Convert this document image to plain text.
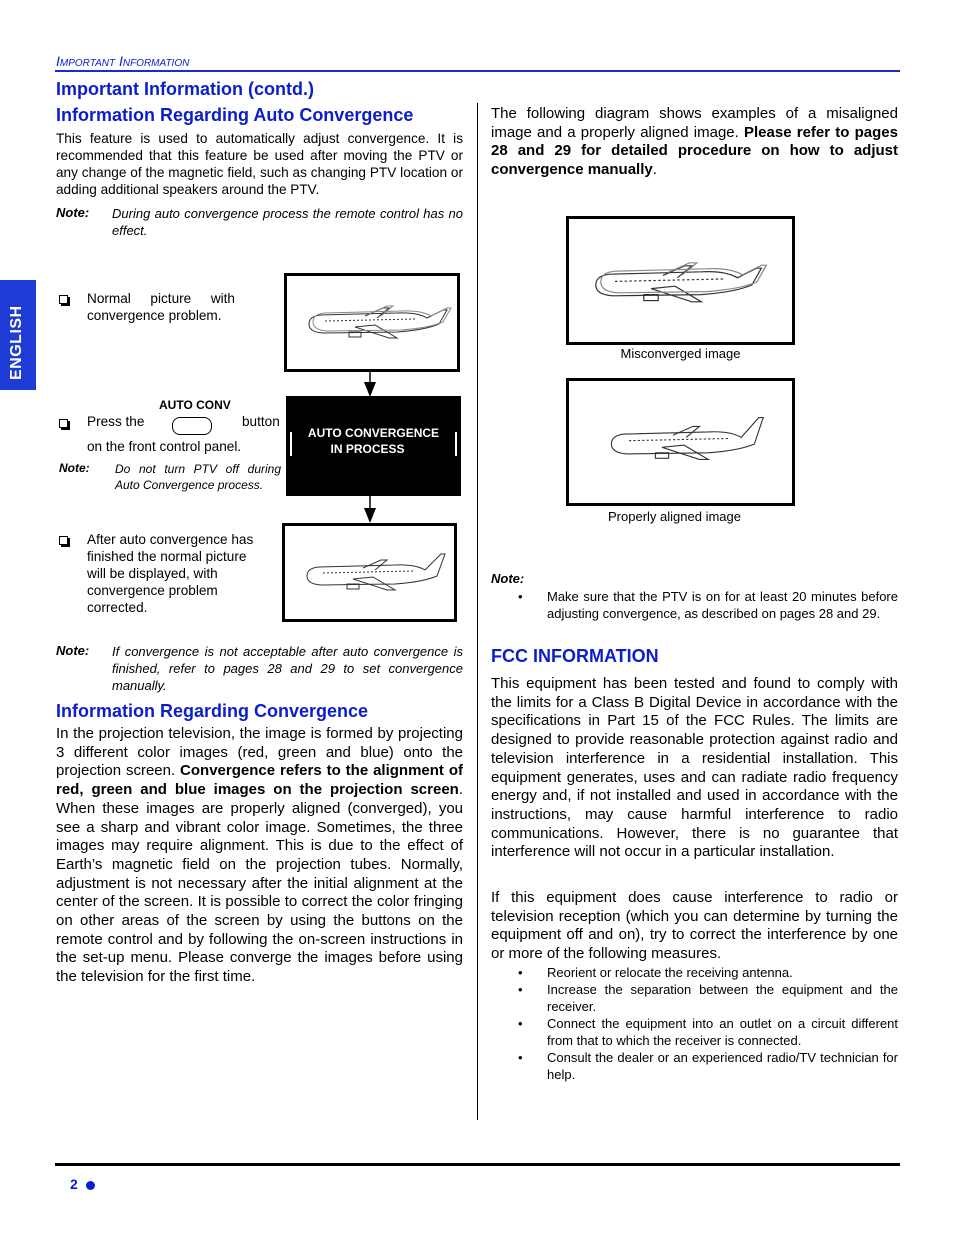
Important Information
ENGLISH
Important Information (contd.)
Information Regarding Auto Convergence

This feature is used to automatically adjust convergence. It is recommended that this feature be used after moving the PTV or any change of the magnetic field, such as changing PTV location or adding additional speakers around the PTV.

Note: During auto convergence process the remote control has no effect.

Normal picture with convergence problem.

AUTO CONV
Press the	button

on the front control panel.

Note: Do not turn PTV off during Auto Convergence process.

AUTO CONVERGENCE
IN PROCESS

After auto convergence has finished the normal picture will be displayed, with convergence problem corrected.

Note: If convergence is not acceptable after auto convergence is finished, refer to pages 28 and 29 to set convergence manually.

Information Regarding Convergence

In the projection television, the image is formed by projecting 3 different color images (red, green and blue) onto the projection screen. Convergence refers to the alignment of red, green and blue images on the projection screen. When these images are properly aligned (converged), you see a sharp and vibrant color image. Sometimes, the three images may require alignment. This is due to the effect of Earth’s magnetic field on the projection tubes. Normally, adjustment is not necessary after the initial alignment at the center of the screen. It is possible to correct the color fringing on other areas of the screen by using the buttons on the remote control and by following the on-screen instructions in the set-up menu. Please converge the images before using the television for the first time.

The following diagram shows examples of a misaligned image and a properly aligned image. Please refer to pages 28 and 29 for detailed procedure on how to adjust convergence manually.

Misconverged image
Properly aligned image
Note:
• Make sure that the PTV is on for at least 20 minutes before adjusting convergence, as described on pages 28 and 29.
FCC INFORMATION

This equipment has been tested and found to comply with the limits for a Class B Digital Device in accordance with the specifications in Part 15 of the FCC Rules. The limits are designed to provide reasonable protection against radio and television interference in a residential installation. This equipment generates, uses and can radiate radio frequency energy and, if not installed and used in accordance with the instructions, may cause harmful interference to radio communications. However, there is no guarantee that interference will not occur in a particular installation.

If this equipment does cause interference to radio or television reception (which you can determine by turning the equipment off and on), try to correct the interference by one or more of the following measures.

• Reorient or relocate the receiving antenna.
• Increase the separation between the equipment and the receiver.
• Connect the equipment into an outlet on a circuit different from that to which the receiver is connected.
• Consult the dealer or an experienced radio/TV technician for help.
2
